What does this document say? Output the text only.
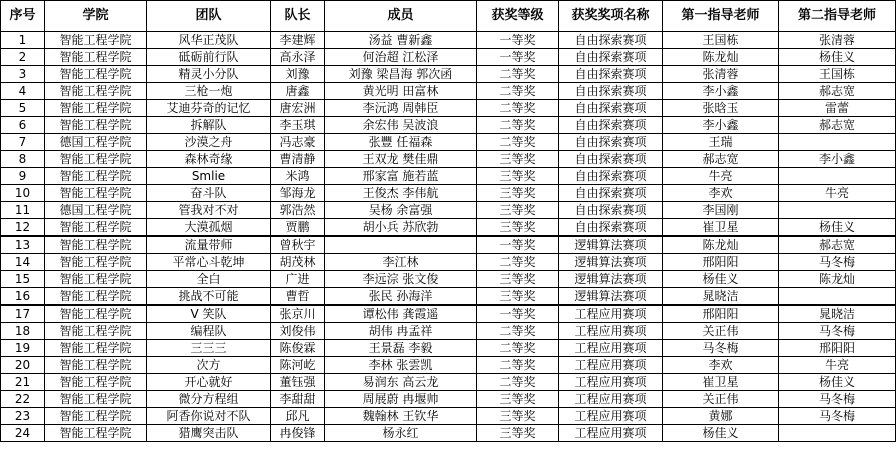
序号	学院	团队	队长	成员	获奖等级	获奖奖项名称	第一指导老师	第二指导老师
1	智能工程学院	风华正茂队	李建辉	汤益 曹新鑫	一等奖	自由探索赛项	王国栋	张清蓉
2	智能工程学院	砥砺前行队	高永泽	何治超 江松泽	一等奖	自由探索赛项	陈龙灿	杨佳义
3	智能工程学院	精灵小分队	刘豫	刘豫 梁昌海 郭次函	二等奖	自由探索赛项	张清蓉	王国栋
4	智能工程学院	三枪一炮	唐鑫	黄光明 田富林	二等奖	自由探索赛项	李小鑫	郝志宽
5	智能工程学院	艾迪芬奇的记忆	唐宏洲	李沅鸿 周韩臣	二等奖	自由探索赛项	张晗玉	雷蕾
6	智能工程学院	拆解队	李玉琪	余宏伟 吴波浪	二等奖	自由探索赛项	李小鑫	郝志宽
7	德国工程学院	沙漠之舟	冯志豪	张豐 任福森	二等奖	自由探索赛项	王瑞	
8	智能工程学院	森林奇缘	曹清静	王双龙 樊佳鼎	三等奖	自由探索赛项	郝志宽	李小鑫
9	智能工程学院	Smlie	米鸿	邢家富 施若蓝	三等奖	自由探索赛项	牛亮	
10	智能工程学院	奋斗队	邹海龙	王俊杰 李伟航	三等奖	自由探索赛项	李欢	牛亮
11	德国工程学院	管我对不对	郭浩然	吴杨 余富强	三等奖	自由探索赛项	李国刚	
12	智能工程学院	大漠孤烟	贾鹏	胡小兵 苏欣勃	三等奖	自由探索赛项	崔卫星	杨佳义
13	智能工程学院	流量带师	曾秋宇		一等奖	逻辑算法赛项	陈龙灿	郝志宽
14	智能工程学院	平常心斗乾坤	胡茂林	李江林	二等奖	逻辑算法赛项	邢阳阳	马冬梅
15	智能工程学院	全白	广进	李远淙 张文俊	三等奖	逻辑算法赛项	杨佳义	陈龙灿
16	智能工程学院	挑战不可能	曹哲	张民 孙海洋	三等奖	逻辑算法赛项	晁晓洁	
17	智能工程学院	V 笑队	张京川	谭松伟 龚霞遥	一等奖	工程应用赛项	邢阳阳	晁晓洁
18	智能工程学院	编程队	刘俊伟	胡伟 冉孟祥	二等奖	工程应用赛项	关正伟	马冬梅
19	智能工程学院	三三三	陈俊霖	王景磊 李毅	二等奖	工程应用赛项	马冬梅	邢阳阳
20	智能工程学院	次方	陈河屹	李林 张雲凯	二等奖	工程应用赛项	李欢	牛亮
21	智能工程学院	开心就好	董钰强	易润东 高云龙	二等奖	工程应用赛项	崔卫星	杨佳义
22	智能工程学院	微分方程组	李甜甜	周展蔚 冉堰帅	三等奖	工程应用赛项	关正伟	马冬梅
23	智能工程学院	阿香你说对不队	邱凡	魏翰林 王钦华	三等奖	工程应用赛项	黄娜	马冬梅
24	智能工程学院	猎鹰突击队	冉俊锋	杨永红	三等奖	工程应用赛项	杨佳义	
